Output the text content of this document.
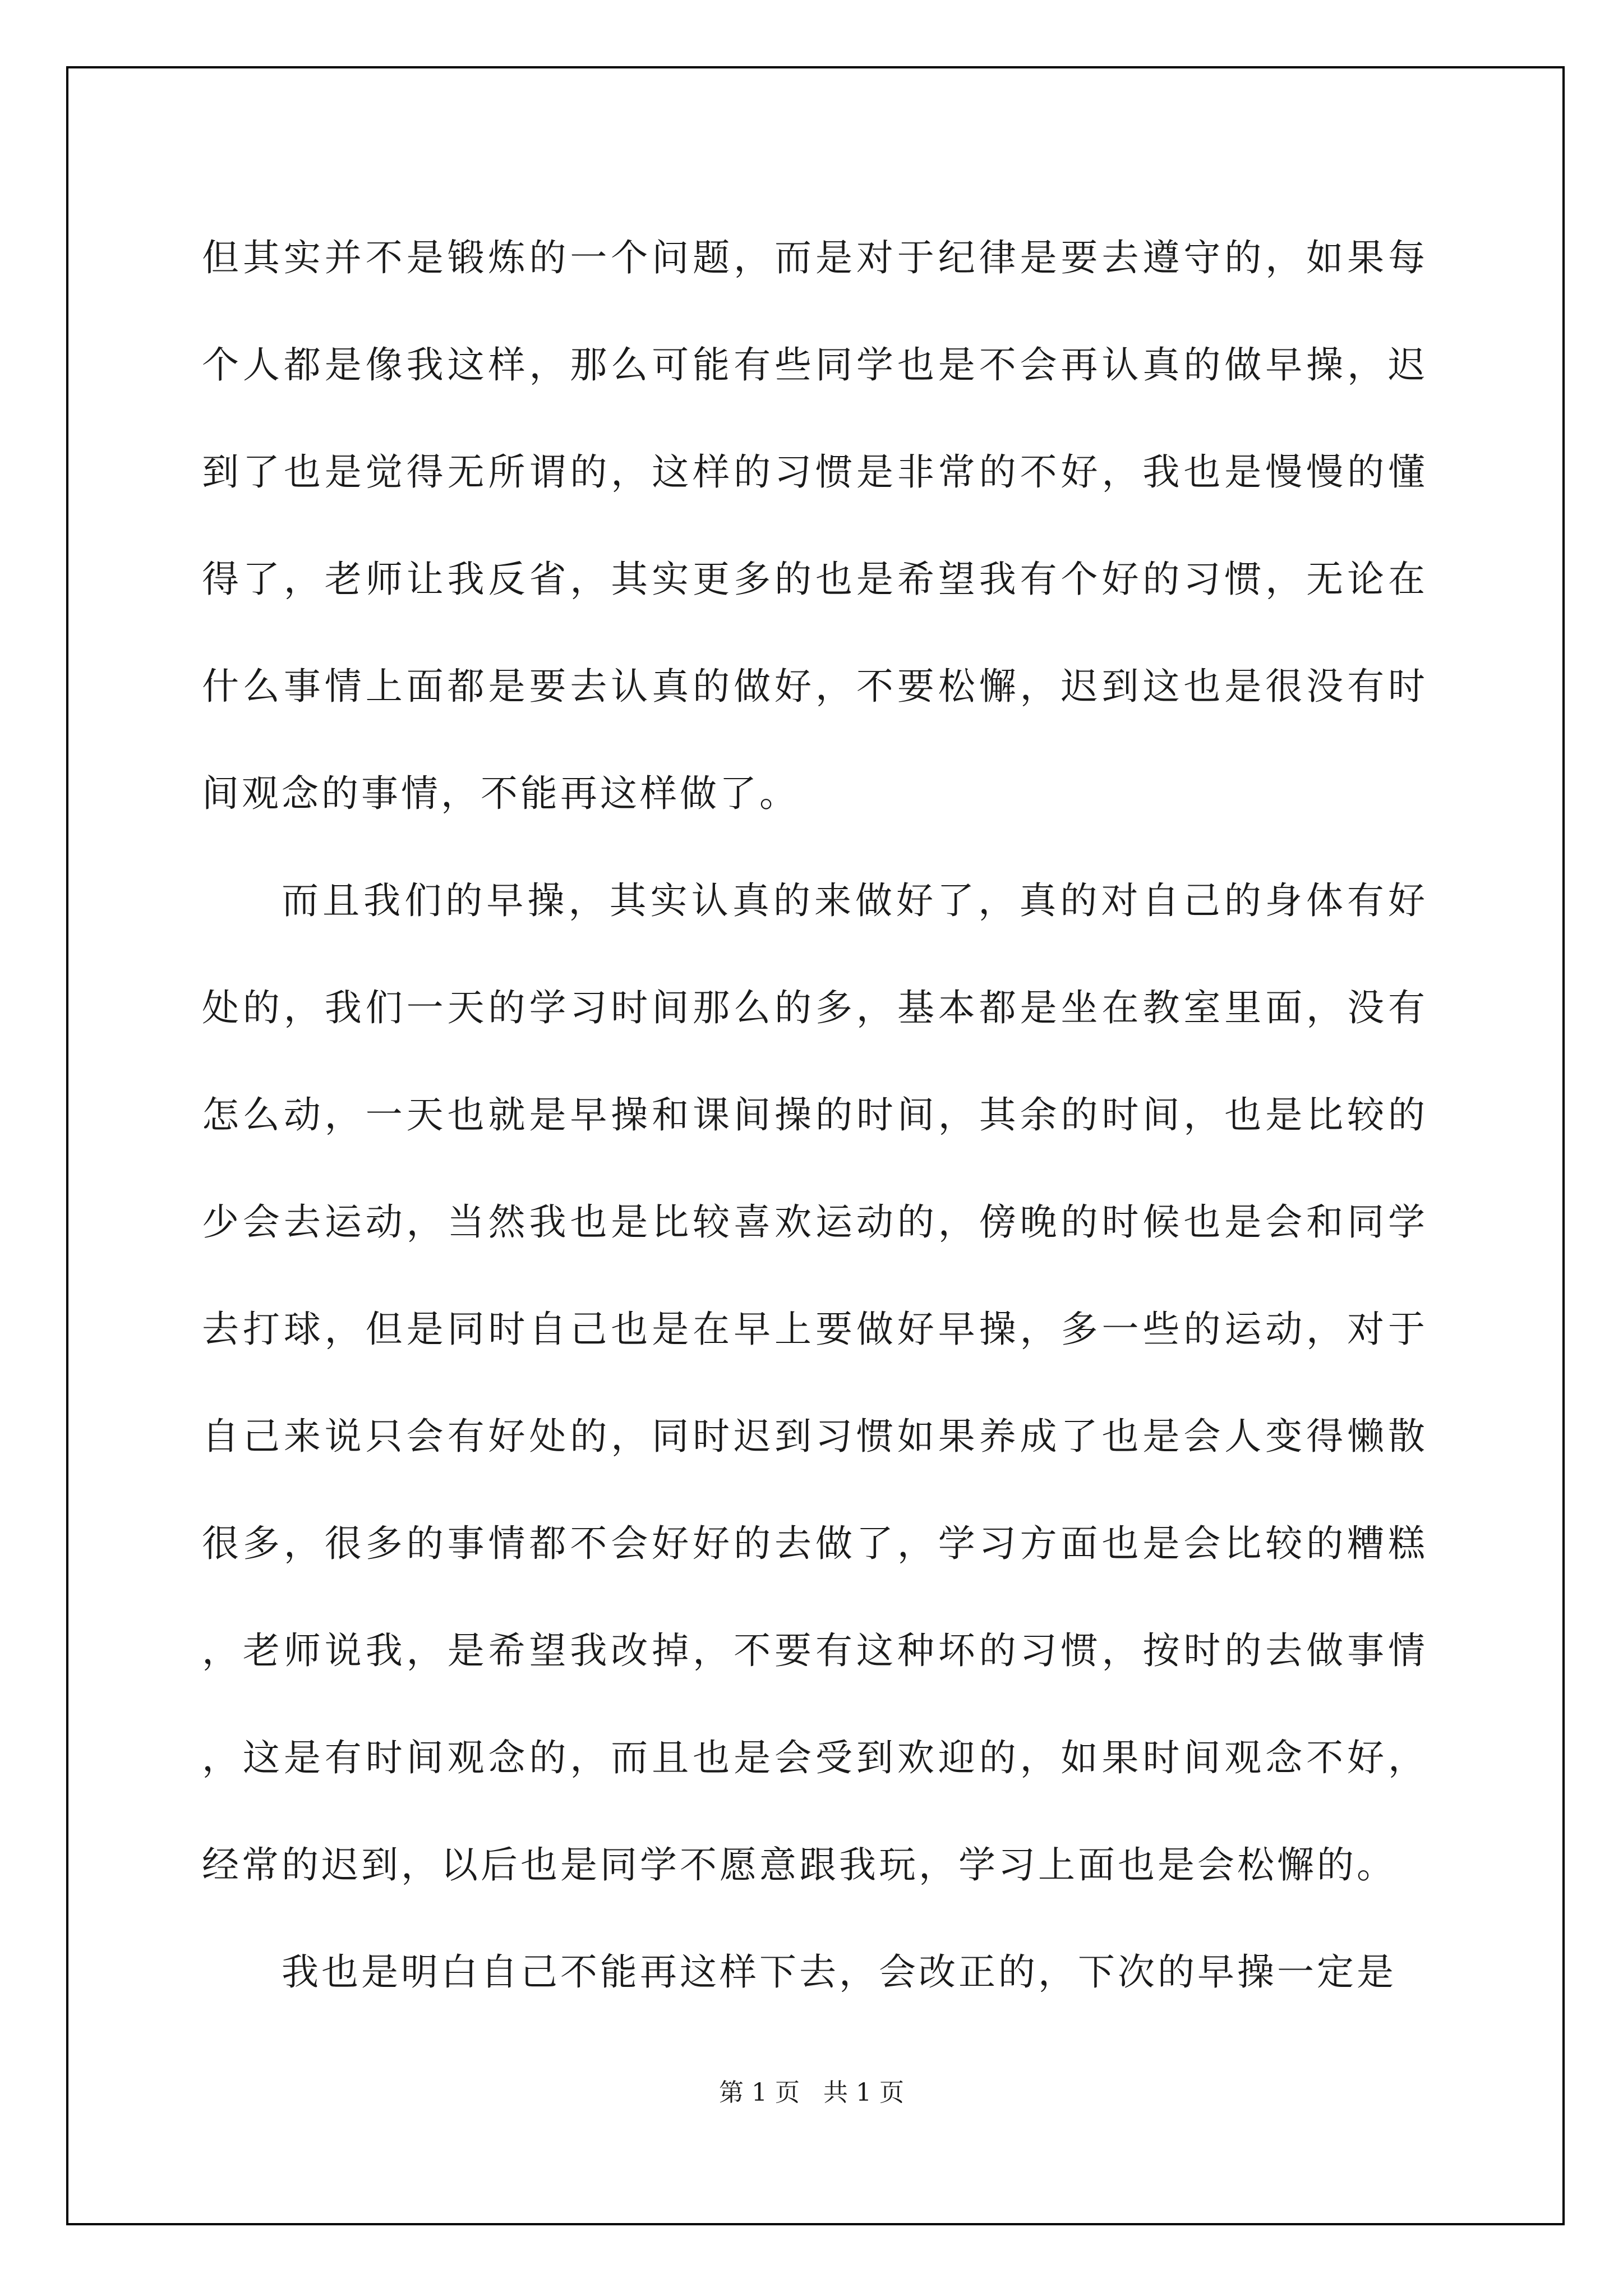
但其实并不是锻炼的一个问题，而是对于纪律是要去遵守的，如果每个人都是像我这样，那么可能有些同学也是不会再认真的做早操，迟到了也是觉得无所谓的，这样的习惯是非常的不好，我也是慢慢的懂得了，老师让我反省，其实更多的也是希望我有个好的习惯，无论在什么事情上面都是要去认真的做好，不要松懈，迟到这也是很没有时间观念的事情，不能再这样做了。

而且我们的早操，其实认真的来做好了，真的对自己的身体有好处的，我们一天的学习时间那么的多，基本都是坐在教室里面，没有怎么动，一天也就是早操和课间操的时间，其余的时间，也是比较的少会去运动，当然我也是比较喜欢运动的，傍晚的时候也是会和同学去打球，但是同时自己也是在早上要做好早操，多一些的运动，对于自己来说只会有好处的，同时迟到习惯如果养成了也是会人变得懒散很多，很多的事情都不会好好的去做了，学习方面也是会比较的糟糕，老师说我，是希望我改掉，不要有这种坏的习惯，按时的去做事情，这是有时间观念的，而且也是会受到欢迎的，如果时间观念不好，经常的迟到，以后也是同学不愿意跟我玩，学习上面也是会松懈的。

我也是明白自己不能再这样下去，会改正的，下次的早操一定是

第 1 页   共 1 页
